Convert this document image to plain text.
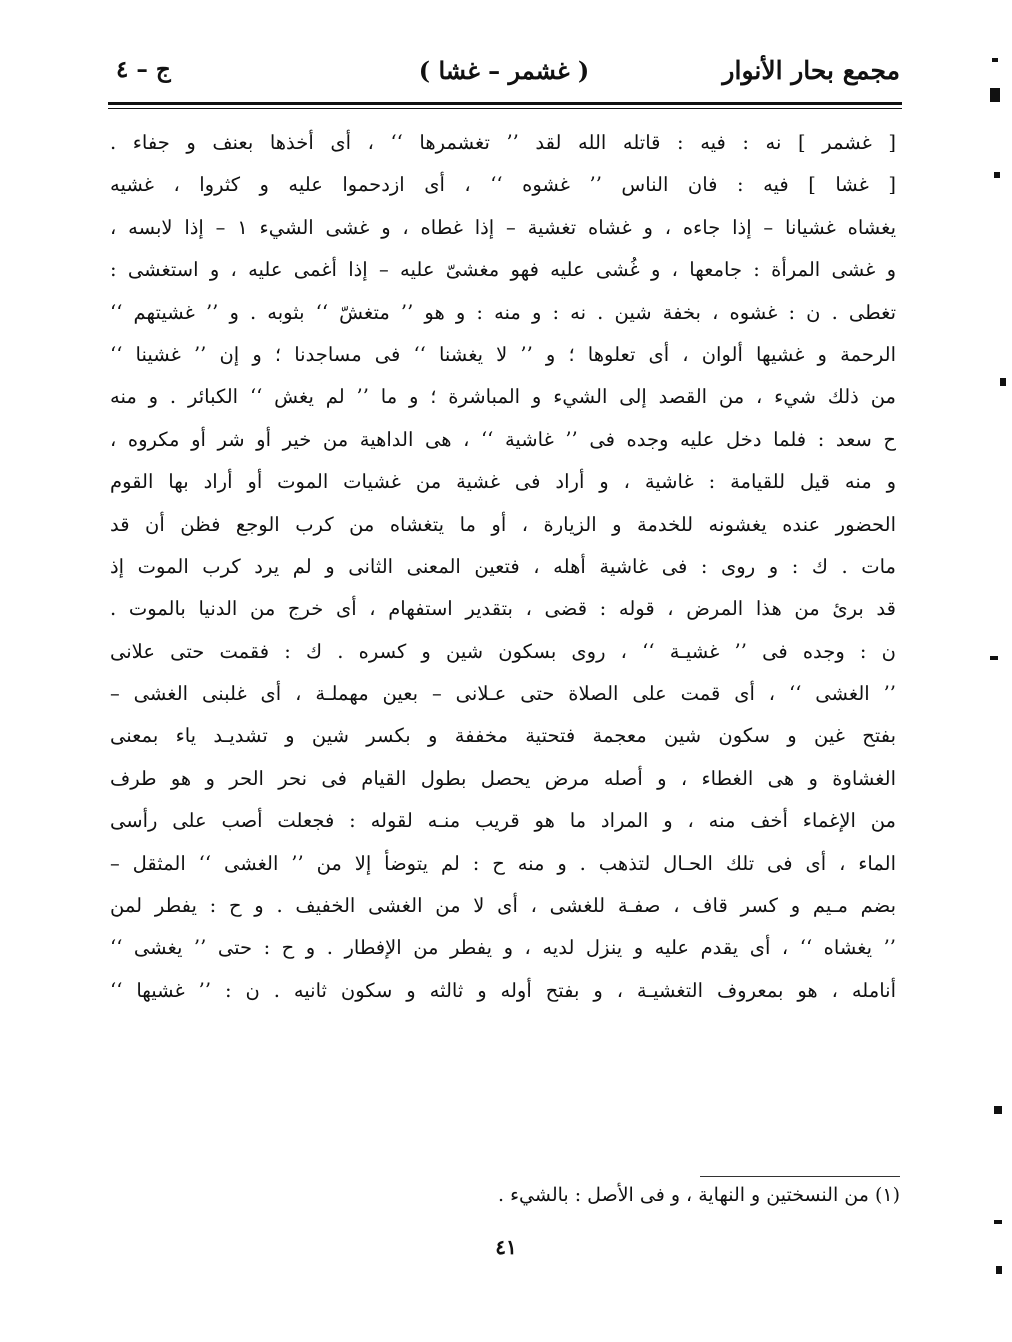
مجمع بحار الأنوار
( غشمر – غشا )
ج – ٤
[ غشمر ] نه : فيه : قاتله الله لقد ’’ تغشمرها ‘‘ ، أى أخذها بعنف و جفاء .
[ غشا ] فيه : فان الناس ’’ غشوه ‘‘ ، أى ازدحموا عليه و كثروا ، غشيه
يغشاه غشيانا – إذا جاءه ، و غشاه تغشية – إذا غطاه ، و غشى الشيء ١ – إذا لابسه ،
و غشى المرأة : جامعها ، و غُشى عليه فهو مغشىّ عليه – إذا أغمى عليه ، و استغشى :
تغطى . ن : غشوه ، بخفة شين . نه : و منه : و هو ’’ متغشّ ‘‘ بثوبه . و ’’ غشيتهم ‘‘
الرحمة و غشيها ألوان ، أى تعلوها ؛ و ’’ لا يغشنا ‘‘ فى مساجدنا ؛ و إن ’’ غشينا ‘‘
من ذلك شيء ، من القصد إلى الشيء و المباشرة ؛ و ما ’’ لم يغش ‘‘ الكبائر . و منه
ح سعد : فلما دخل عليه وجده فى ’’ غاشية ‘‘ ، هى الداهية من خير أو شر أو مكروه ،
و منه قيل للقيامة : غاشية ، و أراد فى غشية من غشيات الموت أو أراد بها القوم
الحضور عنده يغشونه للخدمة و الزيارة ، أو ما يتغشاه من كرب الوجع فظن أن قد
مات . ك : و روى : فى غاشية أهله ، فتعين المعنى الثانى و لم يرد كرب الموت إذ
قد برئ من هذا المرض ، قوله : قضى ، بتقدير استفهام ، أى خرج من الدنيا بالموت .
ن : وجده فى ’’ غشيـة ‘‘ ، روى بسكون شين و كسره . ك : فقمت حتى علانى
’’ الغشى ‘‘ ، أى قمت على الصلاة حتى عـلانى – بعين مهملـة ، أى غلبنى الغشى –
بفتح غين و سكون شين معجمة فتحتية مخففة و بكسر شين و تشديـد ياء بمعنى
الغشاوة و هى الغطاء ، و أصله مرض يحصل بطول القيام فى نحر الحر و هو طرف
من الإغماء أخف منه ، و المراد ما هو قريب منـه لقوله : فجعلت أصب على رأسى
الماء ، أى فى تلك الحـال لتذهب . و منه ح : لم يتوضأ إلا من ’’ الغشى ‘‘ المثقل –
بضم مـيم و كسر قاف ، صفـة للغشى ، أى لا من الغشى الخفيف . و ح : يفطر لمن
’’ يغشاه ‘‘ ، أى يقدم عليه و ينزل لديه ، و يفطر من الإفطار . و ح : حتى ’’ يغشى ‘‘
أنامله ، هو بمعروف التغشيـة ، و بفتح أوله و ثالثه و سكون ثانيه . ن : ’’ غشيها ‘‘
(١) من النسختين و النهاية ، و فى الأصل : بالشيء .
٤١
